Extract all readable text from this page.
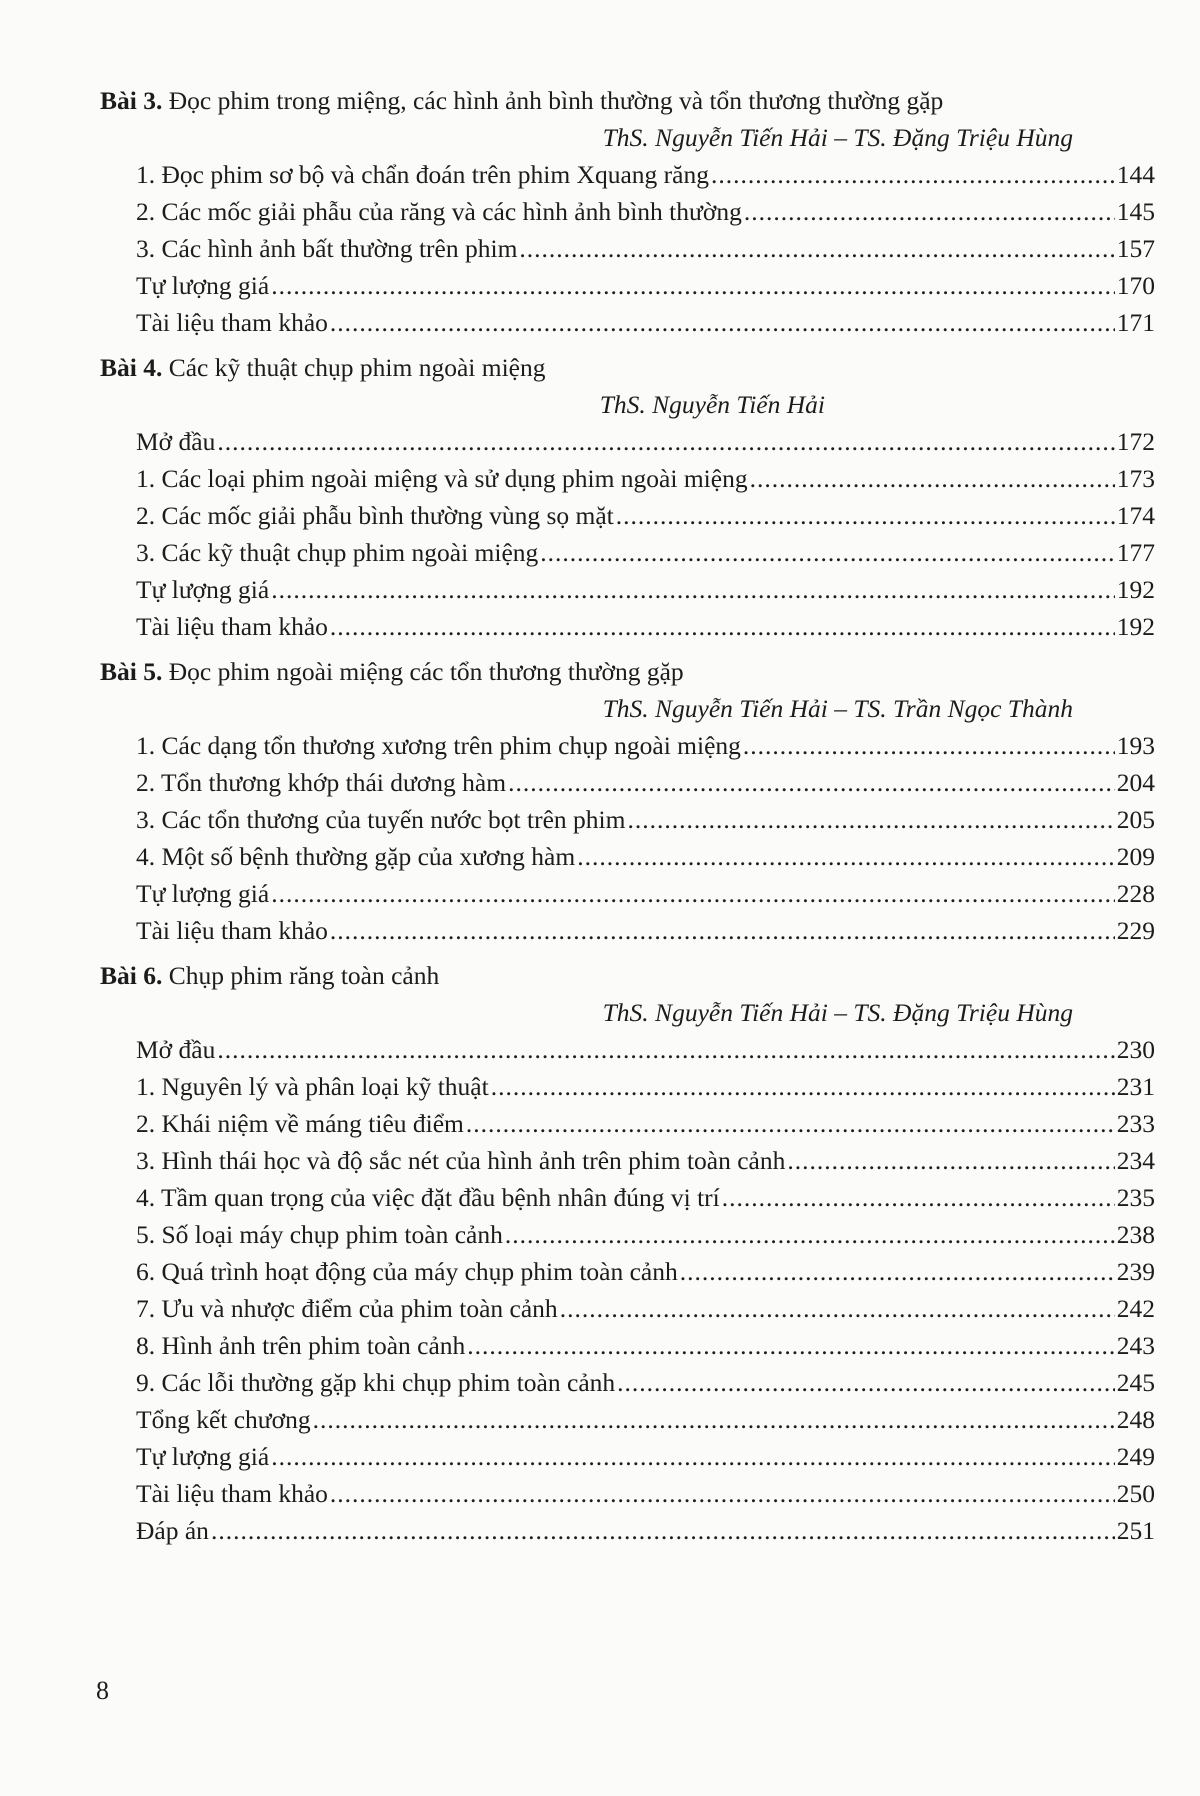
Bài 3. Đọc phim trong miệng, các hình ảnh bình thường và tổn thương thường gặp
ThS. Nguyễn Tiến Hải – TS. Đặng Triệu Hùng
1. Đọc phim sơ bộ và chẩn đoán trên phim Xquang răng .....	144
2. Các mốc giải phẫu của răng và các hình ảnh bình thường .....	145
3. Các hình ảnh bất thường trên phim .....	157
Tự lượng giá .....	170
Tài liệu tham khảo .....	171
Bài 4. Các kỹ thuật chụp phim ngoài miệng
ThS. Nguyễn Tiến Hải
Mở đầu .....	172
1. Các loại phim ngoài miệng và sử dụng phim ngoài miệng .....	173
2. Các mốc giải phẫu bình thường vùng sọ mặt .....	174
3. Các kỹ thuật chụp phim ngoài miệng .....	177
Tự lượng giá .....	192
Tài liệu tham khảo .....	192
Bài 5. Đọc phim ngoài miệng các tổn thương thường gặp
ThS. Nguyễn Tiến Hải – TS. Trần Ngọc Thành
1. Các dạng tổn thương xương trên phim chụp ngoài miệng .....	193
2. Tổn thương khớp thái dương hàm .....	204
3. Các tổn thương của tuyến nước bọt trên phim .....	205
4. Một số bệnh thường gặp của xương hàm .....	209
Tự lượng giá .....	228
Tài liệu tham khảo .....	229
Bài 6. Chụp phim răng toàn cảnh
ThS. Nguyễn Tiến Hải – TS. Đặng Triệu Hùng
Mở đầu .....	230
1. Nguyên lý và phân loại kỹ thuật .....	231
2. Khái niệm về máng tiêu điểm .....	233
3. Hình thái học và độ sắc nét của hình ảnh trên phim toàn cảnh .....	234
4. Tầm quan trọng của việc đặt đầu bệnh nhân đúng vị trí .....	235
5. Số loại máy chụp phim toàn cảnh .....	238
6. Quá trình hoạt động của máy chụp phim toàn cảnh .....	239
7. Ưu và nhược điểm của phim toàn cảnh .....	242
8. Hình ảnh trên phim toàn cảnh .....	243
9. Các lỗi thường gặp khi chụp phim toàn cảnh .....	245
Tổng kết chương .....	248
Tự lượng giá .....	249
Tài liệu tham khảo .....	250
Đáp án .....	251
8
